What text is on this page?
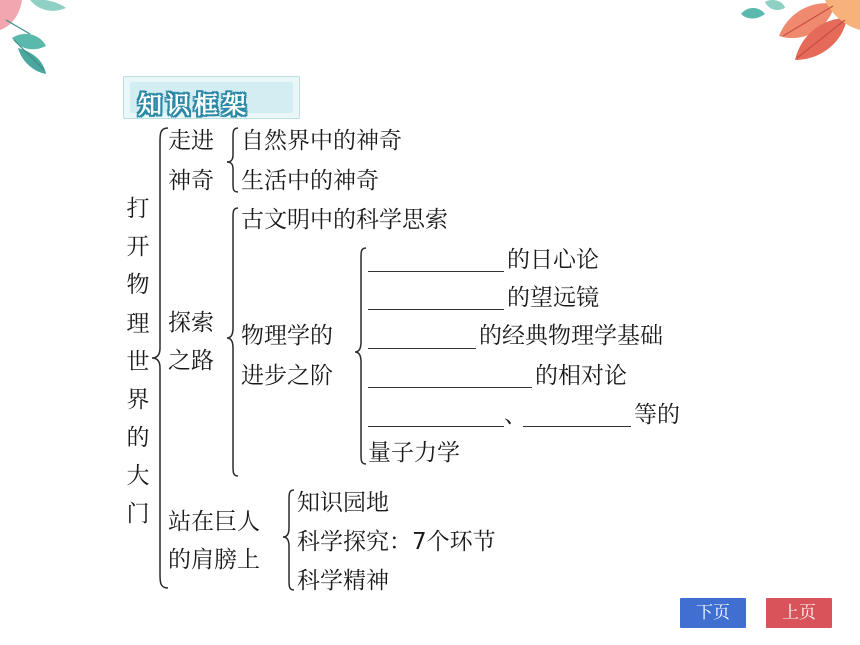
知识框架
打开物理世界的大门
走进
神奇
自然界中的神奇
生活中的神奇
探索
之路
古文明中的科学思索
物理学的
进步之阶
的日心论
的望远镜
的经典物理学基础
的相对论
、	等的
量子力学
站在巨人
的肩膀上
知识园地
科学探究：7个环节
科学精神
下页	上页
